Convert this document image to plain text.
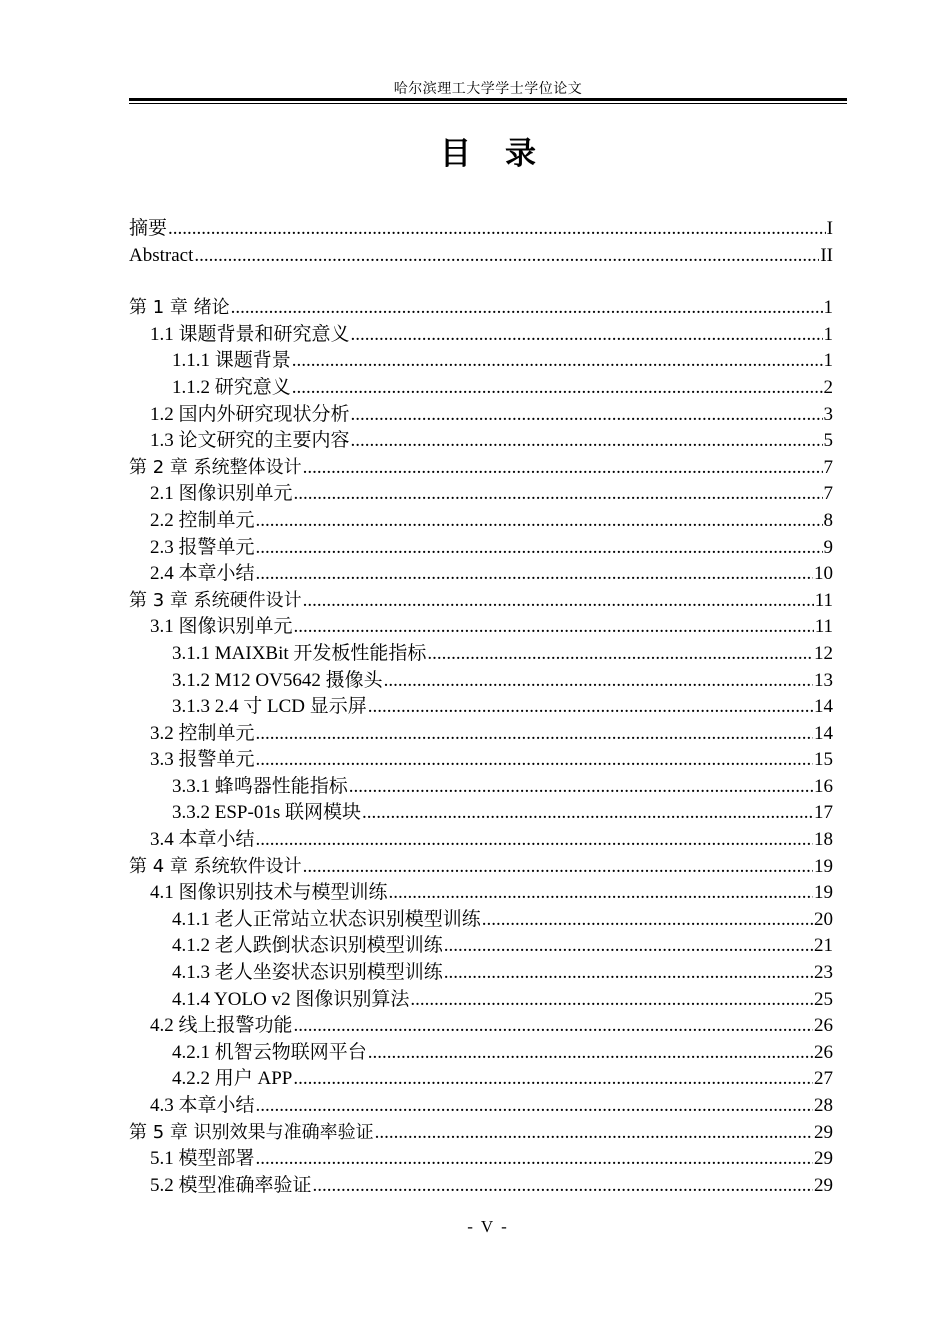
哈尔滨理工大学学士学位论文
目 录
摘要 .....	I
Abstract .....	II
第 1 章 绪论 .....	1
1.1 课题背景和研究意义 .....	1
1.1.1 课题背景 .....	1
1.1.2 研究意义 .....	2
1.2 国内外研究现状分析 .....	3
1.3 论文研究的主要内容 .....	5
第 2 章 系统整体设计 .....	7
2.1 图像识别单元 .....	7
2.2 控制单元 .....	8
2.3 报警单元 .....	9
2.4 本章小结 .....	10
第 3 章 系统硬件设计 .....	11
3.1 图像识别单元 .....	11
3.1.1 MAIXBit 开发板性能指标 .....	12
3.1.2 M12 OV5642 摄像头 .....	13
3.1.3 2.4 寸 LCD 显示屏 .....	14
3.2 控制单元 .....	14
3.3 报警单元 .....	15
3.3.1 蜂鸣器性能指标 .....	16
3.3.2 ESP-01s 联网模块 .....	17
3.4 本章小结 .....	18
第 4 章 系统软件设计 .....	19
4.1 图像识别技术与模型训练 .....	19
4.1.1 老人正常站立状态识别模型训练 .....	20
4.1.2 老人跌倒状态识别模型训练 .....	21
4.1.3 老人坐姿状态识别模型训练 .....	23
4.1.4 YOLO v2 图像识别算法 .....	25
4.2 线上报警功能 .....	26
4.2.1 机智云物联网平台 .....	26
4.2.2 用户 APP .....	27
4.3 本章小结 .....	28
第 5 章 识别效果与准确率验证 .....	29
5.1 模型部署 .....	29
5.2 模型准确率验证 .....	29
- V -
